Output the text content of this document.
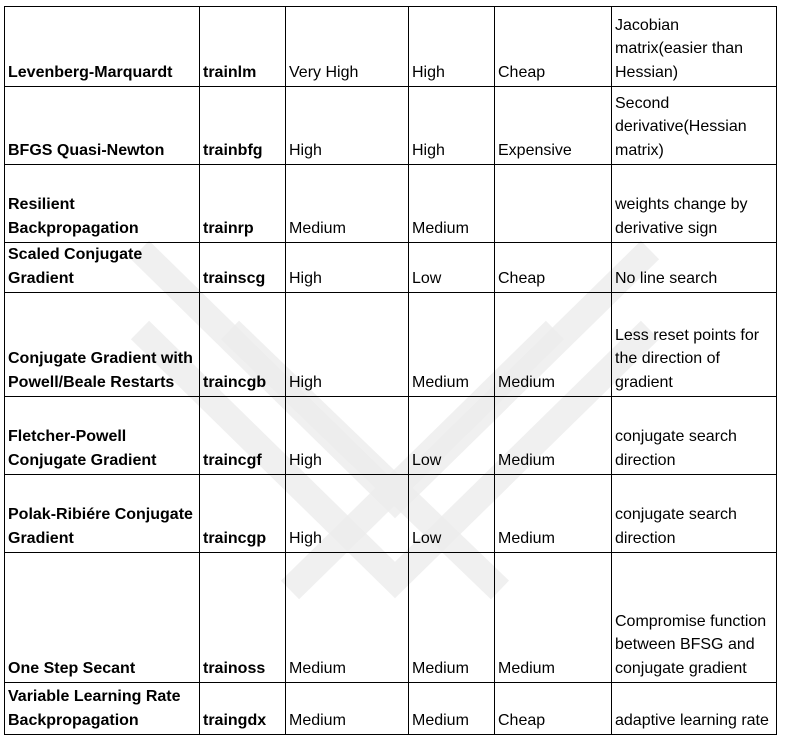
Levenberg-Marquardt	trainlm	Very High	High	Cheap	Jacobian matrix(easier than Hessian)
BFGS Quasi-Newton	trainbfg	High	High	Expensive	Second derivative(Hessian matrix)
Resilient Backpropagation	trainrp	Medium	Medium		weights change by derivative sign
Scaled Conjugate Gradient	trainscg	High	Low	Cheap	No line search
Conjugate Gradient with Powell/Beale Restarts	traincgb	High	Medium	Medium	Less reset points for the direction of gradient
Fletcher-Powell Conjugate Gradient	traincgf	High	Low	Medium	conjugate search direction
Polak-Ribiére Conjugate Gradient	traincgp	High	Low	Medium	conjugate search direction
One Step Secant	trainoss	Medium	Medium	Medium	Compromise function between BFSG and conjugate gradient
Variable Learning Rate Backpropagation	traingdx	Medium	Medium	Cheap	adaptive learning rate
